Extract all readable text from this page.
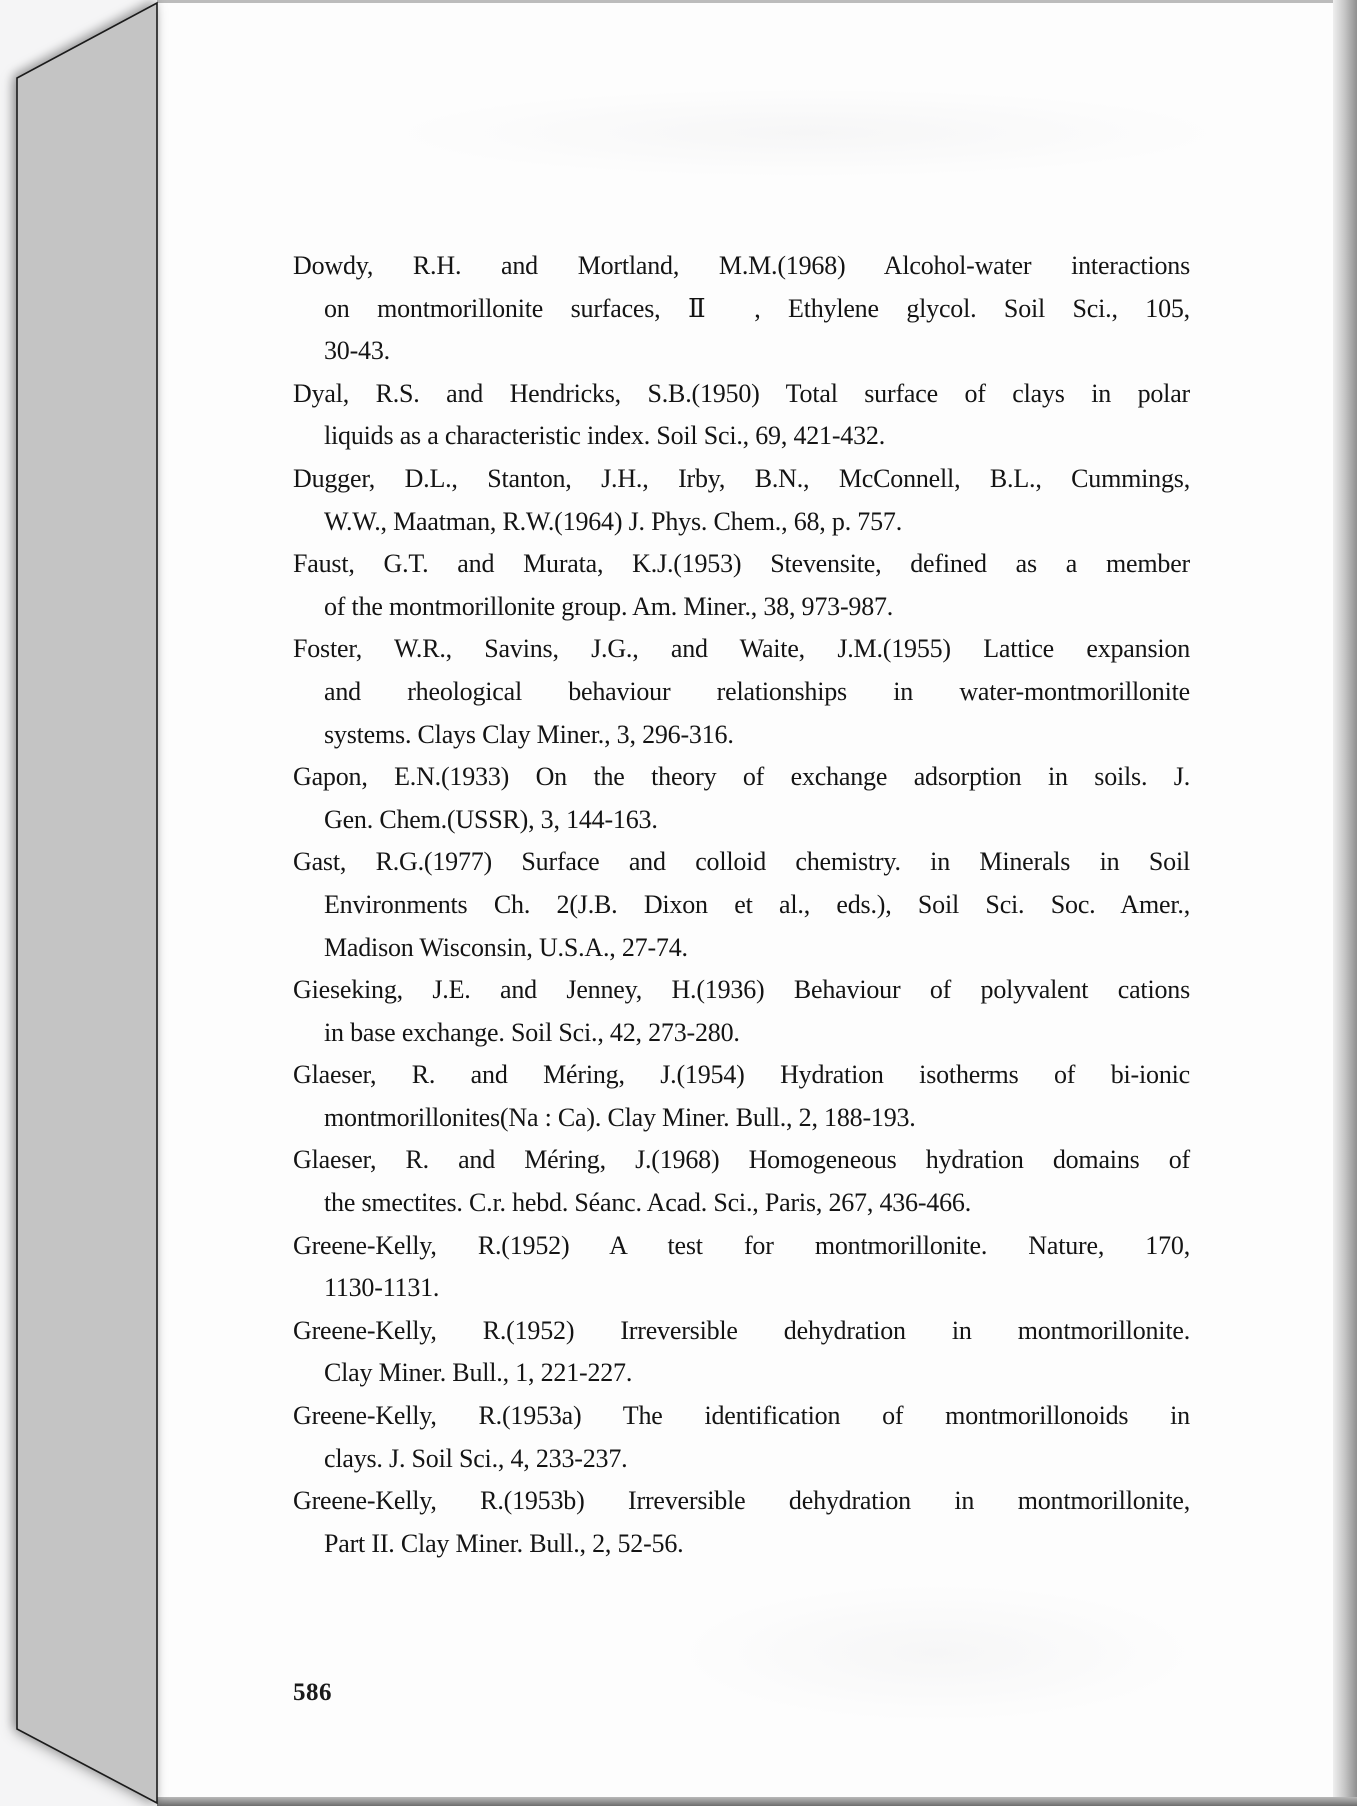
Dowdy, R.H. and Mortland, M.M.(1968) Alcohol-water interactions
on montmorillonite surfaces, Ⅱ , Ethylene glycol. Soil Sci., 105,
30-43.

Dyal, R.S. and Hendricks, S.B.(1950) Total surface of clays in polar
liquids as a characteristic index. Soil Sci., 69, 421-432.

Dugger, D.L., Stanton, J.H., Irby, B.N., McConnell, B.L., Cummings,
W.W., Maatman, R.W.(1964) J. Phys. Chem., 68, p. 757.

Faust, G.T. and Murata, K.J.(1953) Stevensite, defined as a member
of the montmorillonite group. Am. Miner., 38, 973-987.

Foster, W.R., Savins, J.G., and Waite, J.M.(1955) Lattice expansion
and rheological behaviour relationships in water-montmorillonite
systems. Clays Clay Miner., 3, 296-316.

Gapon, E.N.(1933) On the theory of exchange adsorption in soils. J.
Gen. Chem.(USSR), 3, 144-163.

Gast, R.G.(1977) Surface and colloid chemistry. in Minerals in Soil
Environments Ch. 2(J.B. Dixon et al., eds.), Soil Sci. Soc. Amer.,
Madison Wisconsin, U.S.A., 27-74.

Gieseking, J.E. and Jenney, H.(1936) Behaviour of polyvalent cations
in base exchange. Soil Sci., 42, 273-280.

Glaeser, R. and Méring, J.(1954) Hydration isotherms of bi-ionic
montmorillonites(Na : Ca). Clay Miner. Bull., 2, 188-193.

Glaeser, R. and Méring, J.(1968) Homogeneous hydration domains of
the smectites. C.r. hebd. Séanc. Acad. Sci., Paris, 267, 436-466.

Greene-Kelly, R.(1952) A test for montmorillonite. Nature, 170,
1130-1131.

Greene-Kelly, R.(1952) Irreversible dehydration in montmorillonite.
Clay Miner. Bull., 1, 221-227.

Greene-Kelly, R.(1953a) The identification of montmorillonoids in
clays. J. Soil Sci., 4, 233-237.

Greene-Kelly, R.(1953b) Irreversible dehydration in montmorillonite,
Part II. Clay Miner. Bull., 2, 52-56.

586
